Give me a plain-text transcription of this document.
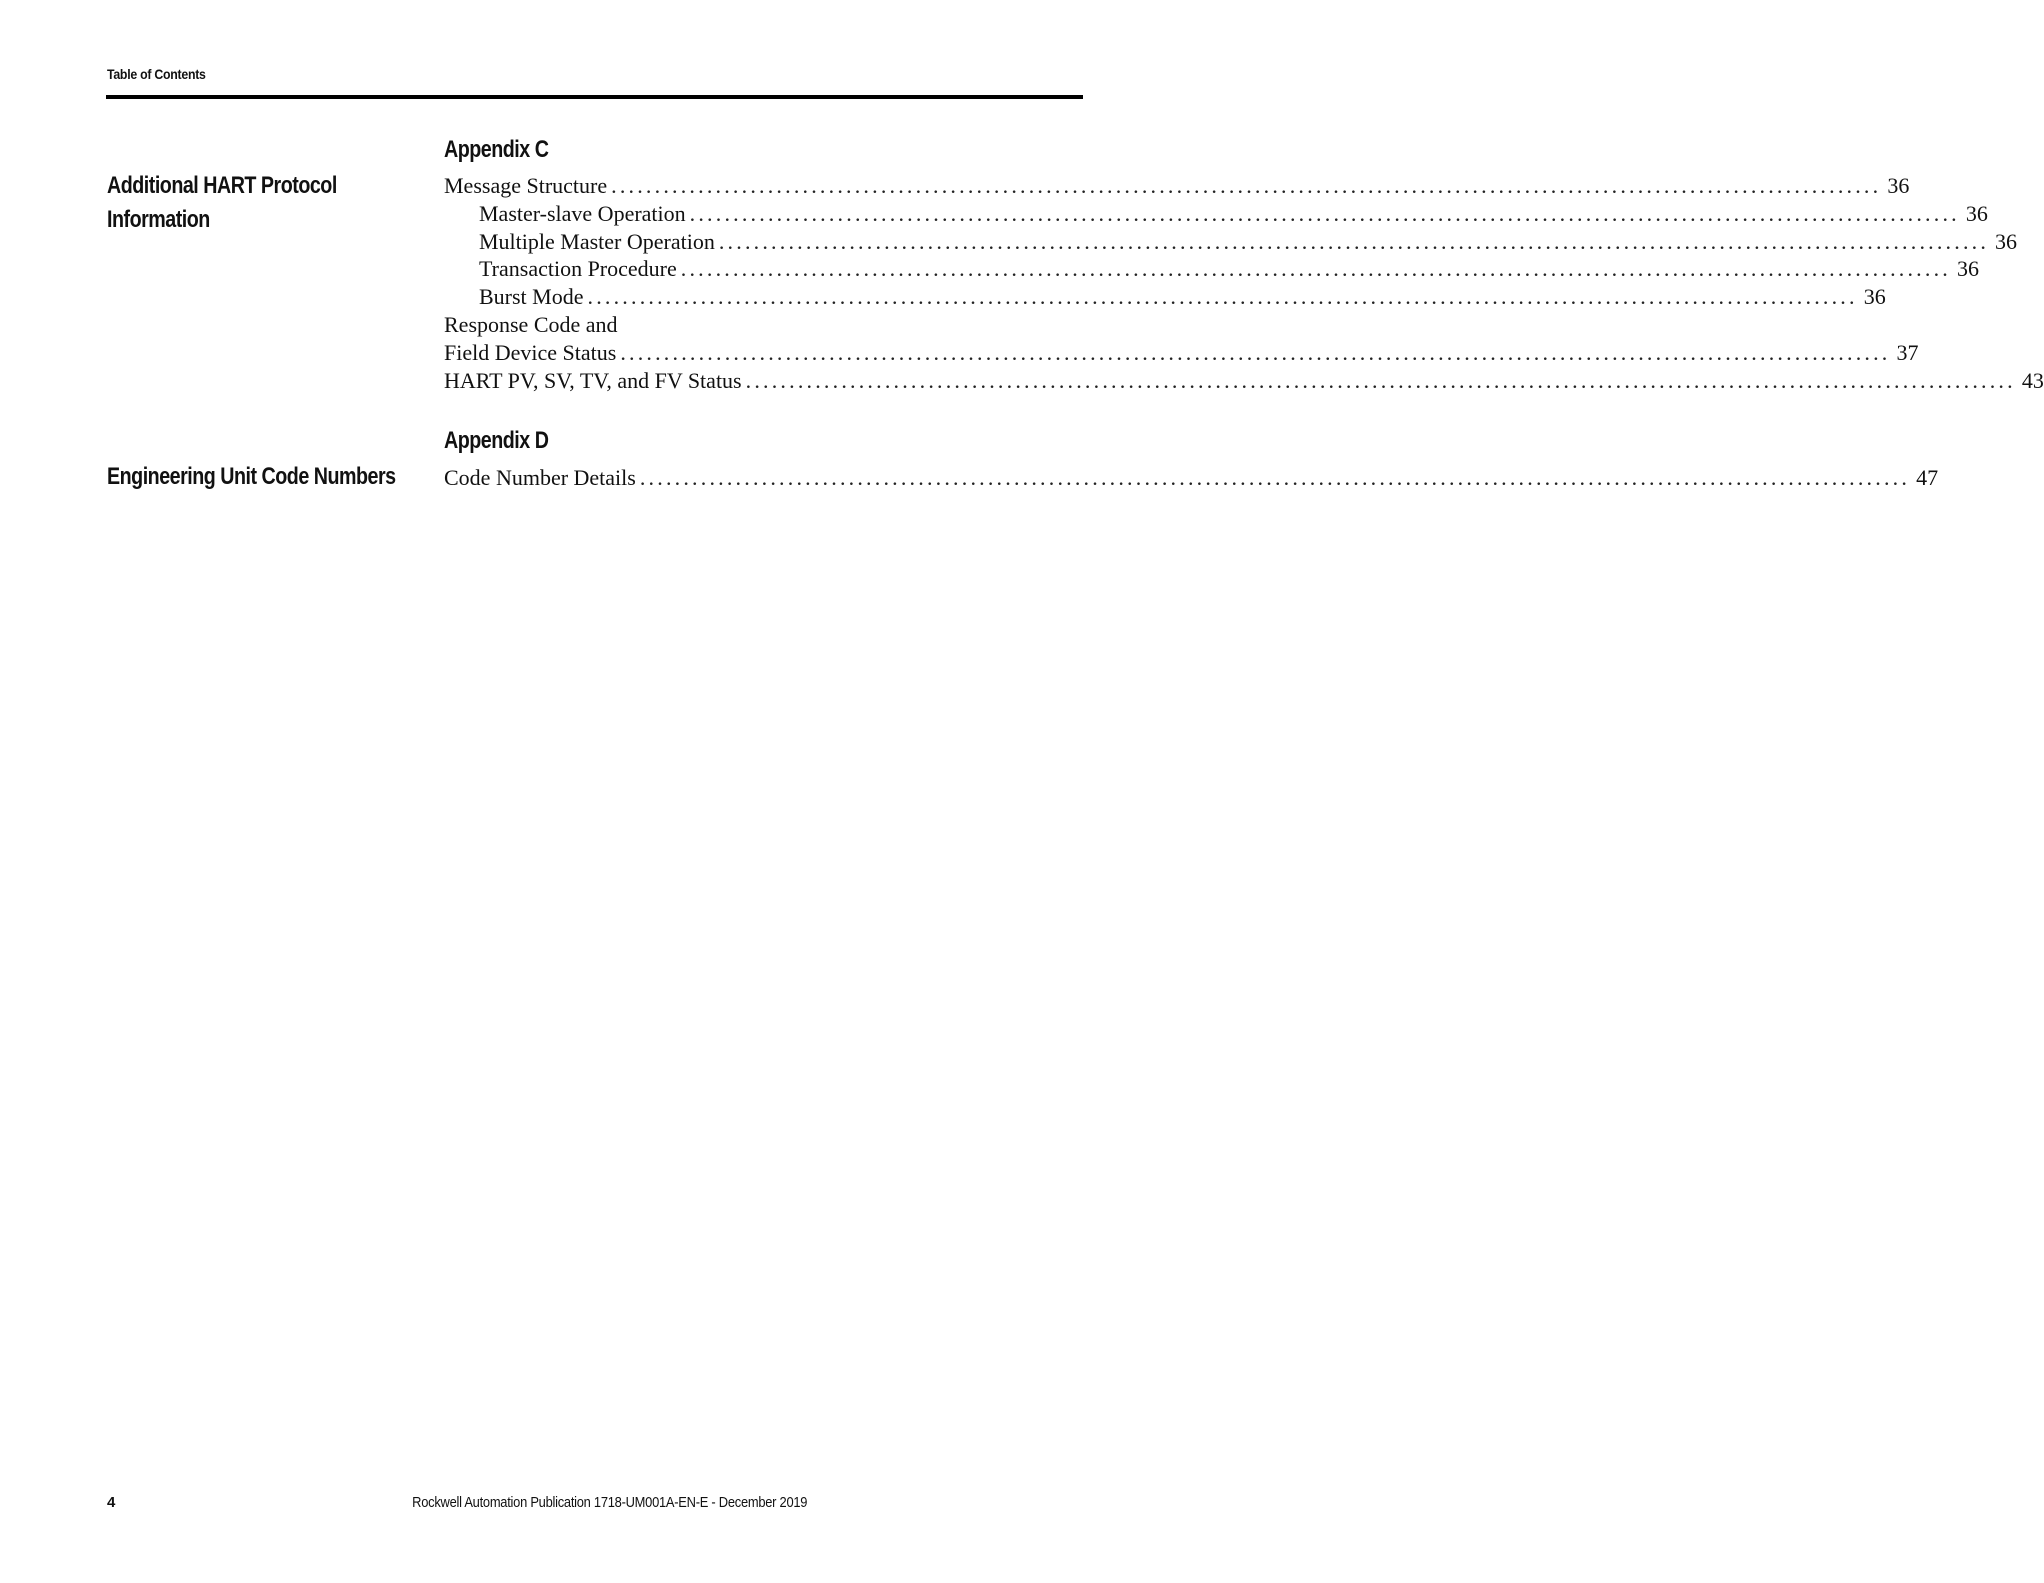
Table of Contents
Appendix C
Additional HART Protocol
Information
Message Structure .................................................................................................................................................. 36
Master-slave Operation .................................................................................................................................................. 36
Multiple Master Operation .................................................................................................................................................. 36
Transaction Procedure .................................................................................................................................................. 36
Burst Mode .................................................................................................................................................. 36
Response Code and
Field Device Status .................................................................................................................................................. 37
HART PV, SV, TV, and FV Status .................................................................................................................................................. 43
Appendix D
Engineering Unit Code Numbers Code Number Details .................................................................................................................................................. 47
4	Rockwell Automation Publication 1718-UM001A-EN-E - December 2019
